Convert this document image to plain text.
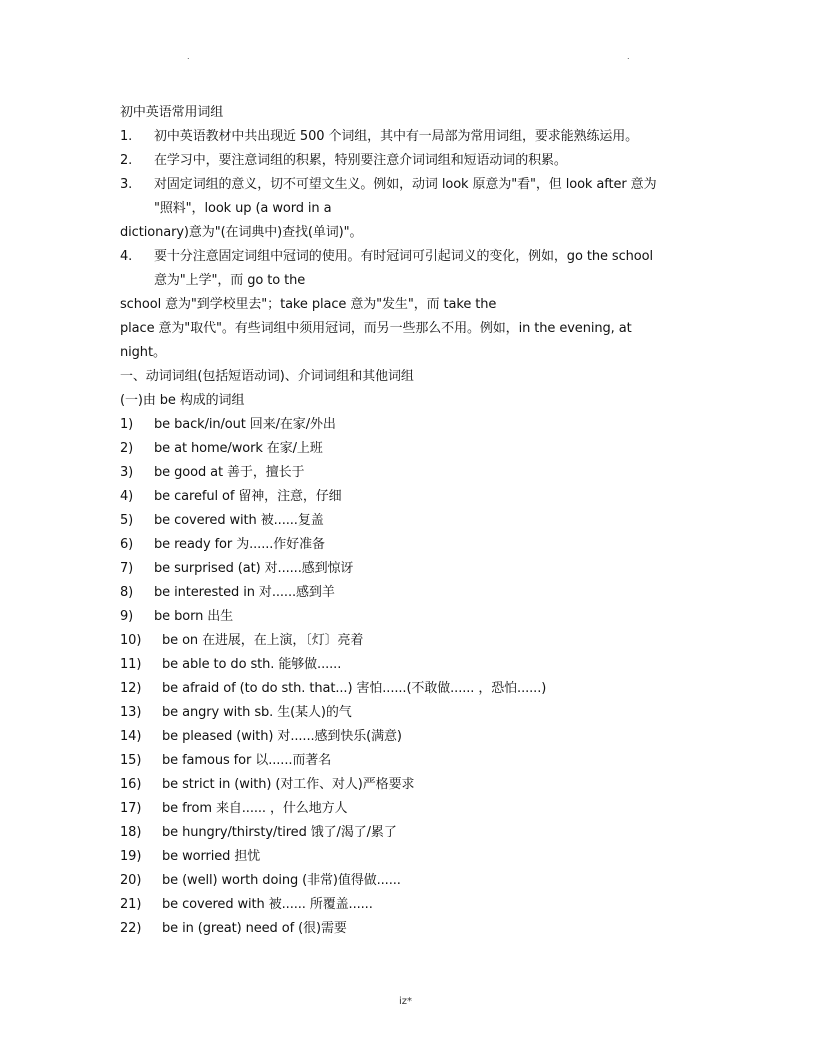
.	.
初中英语常用词组
1.	初中英语教材中共出现近 500 个词组，其中有一局部为常用词组，要求能熟练运用。
2.	在学习中，要注意词组的积累，特别要注意介词词组和短语动词的积累。
3.	对固定词组的意义，切不可望文生义。例如，动词 look 原意为"看"，但 look after 意为
"照料"，look up (a word in a
dictionary)意为"(在词典中)查找(单词)"。
4.	要十分注意固定词组中冠词的使用。有时冠词可引起词义的变化，例如，go the school
意为"上学"，而 go to the
school 意为"到学校里去"；take place 意为"发生"，而 take the
place 意为"取代"。有些词组中须用冠词，而另一些那么不用。例如，in the evening, at
night。
一、动词词组(包括短语动词)、介词词组和其他词组
(一)由 be 构成的词组
1)	be back/in/out 回来/在家/外出
2)	be at home/work 在家/上班
3)	be good at 善于，擅长于
4)	be careful of 留神，注意，仔细
5)	be covered with 被......复盖
6)	be ready for 为......作好准备
7)	be surprised (at) 对......感到惊讶
8)	be interested in 对......感到羊
9)	be born 出生
10)	be on 在进展，在上演，〔灯〕亮着
11)	be able to do sth. 能够做......
12)	be afraid of (to do sth. that...) 害怕......(不敢做...... ，恐怕......)
13)	be angry with sb. 生(某人)的气
14)	be pleased (with) 对......感到快乐(满意)
15)	be famous for 以......而著名
16)	be strict in (with) (对工作、对人)严格要求
17)	be from 来自...... ，什么地方人
18)	be hungry/thirsty/tired 饿了/渴了/累了
19)	be worried 担忧
20)	be (well) worth doing (非常)值得做......
21)	be covered with 被...... 所覆盖......
22)	be in (great) need of (很)需要
iz*
